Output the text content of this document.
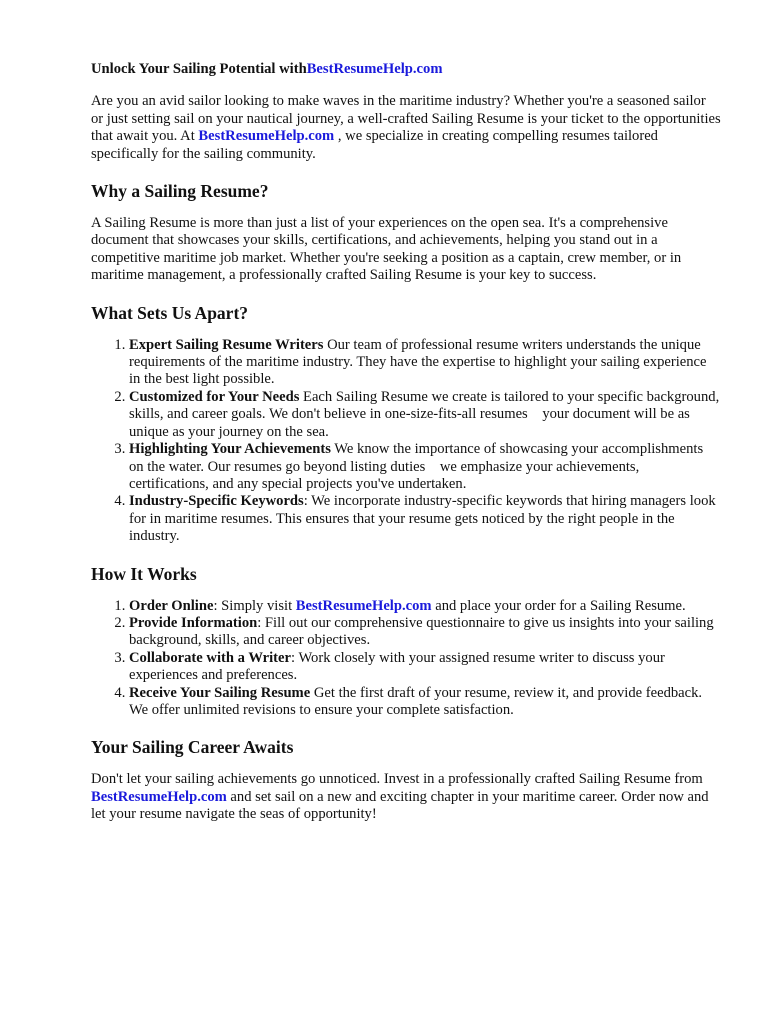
Unlock Your Sailing Potential withBestResumeHelp.com

Are you an avid sailor looking to make waves in the maritime industry? Whether you're a seasoned sailor or just setting sail on your nautical journey, a well-crafted Sailing Resume is your ticket to the opportunities that await you. At BestResumeHelp.com , we specialize in creating compelling resumes tailored specifically for the sailing community.

Why a Sailing Resume?

A Sailing Resume is more than just a list of your experiences on the open sea. It's a comprehensive document that showcases your skills, certifications, and achievements, helping you stand out in a competitive maritime job market. Whether you're seeking a position as a captain, crew member, or in maritime management, a professionally crafted Sailing Resume is your key to success.

What Sets Us Apart?
1. Expert Sailing Resume Writers Our team of professional resume writers understands the unique requirements of the maritime industry. They have the expertise to highlight your sailing experience in the best light possible.
2. Customized for Your Needs Each Sailing Resume we create is tailored to your specific background, skills, and career goals. We don't believe in one-size-fits-all resumes    your document will be as unique as your journey on the sea.
3. Highlighting Your Achievements We know the importance of showcasing your accomplishments on the water. Our resumes go beyond listing duties    we emphasize your achievements, certifications, and any special projects you've undertaken.
4. Industry-Specific Keywords: We incorporate industry-specific keywords that hiring managers look for in maritime resumes. This ensures that your resume gets noticed by the right people in the industry.
How It Works
1. Order Online: Simply visit BestResumeHelp.com and place your order for a Sailing Resume.
2. Provide Information: Fill out our comprehensive questionnaire to give us insights into your sailing background, skills, and career objectives.
3. Collaborate with a Writer: Work closely with your assigned resume writer to discuss your experiences and preferences.
4. Receive Your Sailing Resume Get the first draft of your resume, review it, and provide feedback. We offer unlimited revisions to ensure your complete satisfaction.
Your Sailing Career Awaits

Don't let your sailing achievements go unnoticed. Invest in a professionally crafted Sailing Resume from BestResumeHelp.com and set sail on a new and exciting chapter in your maritime career. Order now and let your resume navigate the seas of opportunity!
